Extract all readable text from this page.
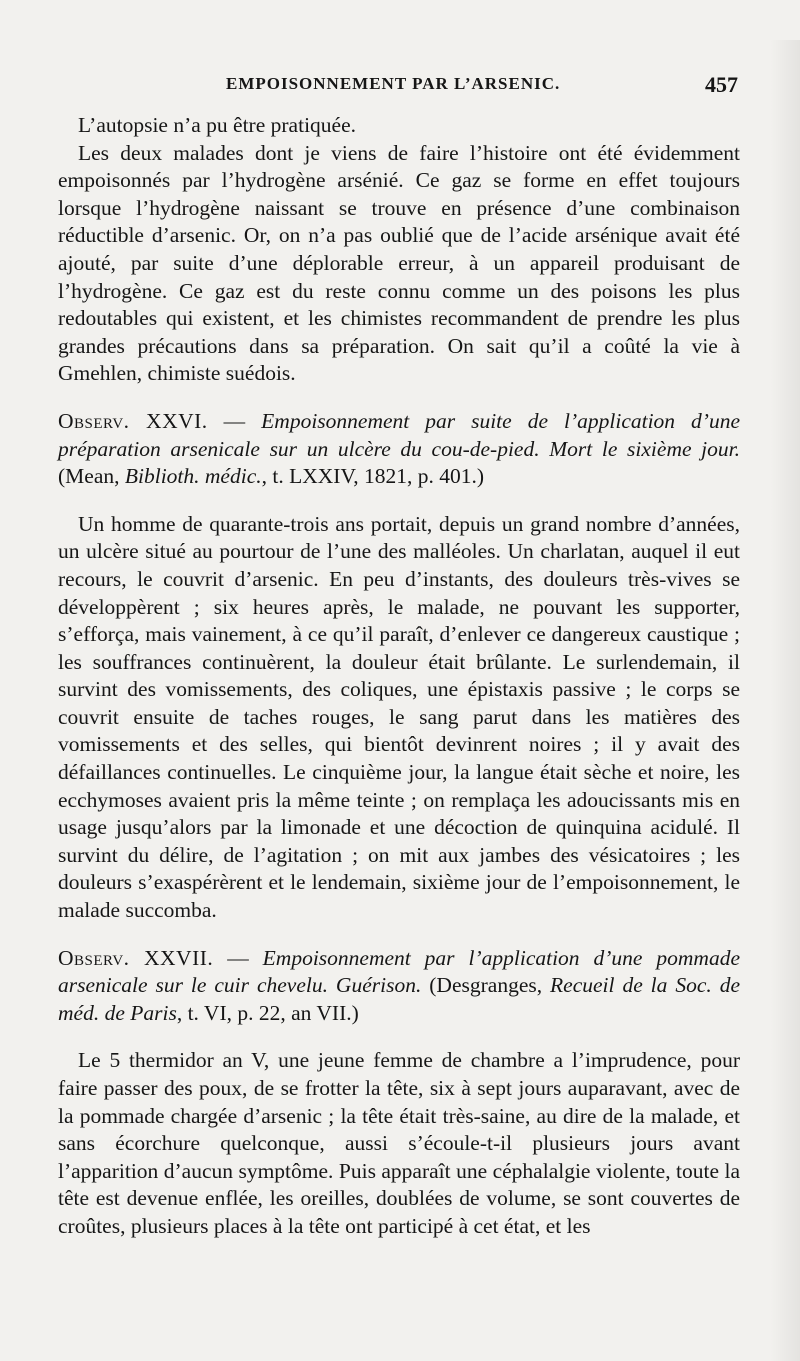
EMPOISONNEMENT PAR L’ARSENIC.	457

L’autopsie n’a pu être pratiquée.

Les deux malades dont je viens de faire l’histoire ont été évidemment empoisonnés par l’hydrogène arsénié. Ce gaz se forme en effet toujours lorsque l’hydrogène naissant se trouve en présence d’une combinaison réductible d’arsenic. Or, on n’a pas oublié que de l’acide arsénique avait été ajouté, par suite d’une déplorable erreur, à un appareil produisant de l’hydrogène. Ce gaz est du reste connu comme un des poisons les plus redoutables qui existent, et les chimistes recommandent de prendre les plus grandes précautions dans sa préparation. On sait qu’il a coûté la vie à Gmehlen, chimiste suédois.

Observ. XXVI. — Empoisonnement par suite de l’application d’une préparation arsenicale sur un ulcère du cou-de-pied. Mort le sixième jour. (Mean, Biblioth. médic., t. LXXIV, 1821, p. 401.)

Un homme de quarante-trois ans portait, depuis un grand nombre d’années, un ulcère situé au pourtour de l’une des malléoles. Un charlatan, auquel il eut recours, le couvrit d’arsenic. En peu d’instants, des douleurs très-vives se développèrent ; six heures après, le malade, ne pouvant les supporter, s’efforça, mais vainement, à ce qu’il paraît, d’enlever ce dangereux caustique ; les souffrances continuèrent, la douleur était brûlante. Le surlendemain, il survint des vomissements, des coliques, une épistaxis passive ; le corps se couvrit ensuite de taches rouges, le sang parut dans les matières des vomissements et des selles, qui bientôt devinrent noires ; il y avait des défaillances continuelles. Le cinquième jour, la langue était sèche et noire, les ecchymoses avaient pris la même teinte ; on remplaça les adoucissants mis en usage jusqu’alors par la limonade et une décoction de quinquina acidulé. Il survint du délire, de l’agitation ; on mit aux jambes des vésicatoires ; les douleurs s’exaspérèrent et le lendemain, sixième jour de l’empoisonnement, le malade succomba.

Observ. XXVII. — Empoisonnement par l’application d’une pommade arsenicale sur le cuir chevelu. Guérison. (Desgranges, Recueil de la Soc. de méd. de Paris, t. VI, p. 22, an VII.)

Le 5 thermidor an V, une jeune femme de chambre a l’imprudence, pour faire passer des poux, de se frotter la tête, six à sept jours auparavant, avec de la pommade chargée d’arsenic ; la tête était très-saine, au dire de la malade, et sans écorchure quelconque, aussi s’écoule-t-il plusieurs jours avant l’apparition d’aucun symptôme. Puis apparaît une céphalalgie violente, toute la tête est devenue enflée, les oreilles, doublées de volume, se sont couvertes de croûtes, plusieurs places à la tête ont participé à cet état, et les
